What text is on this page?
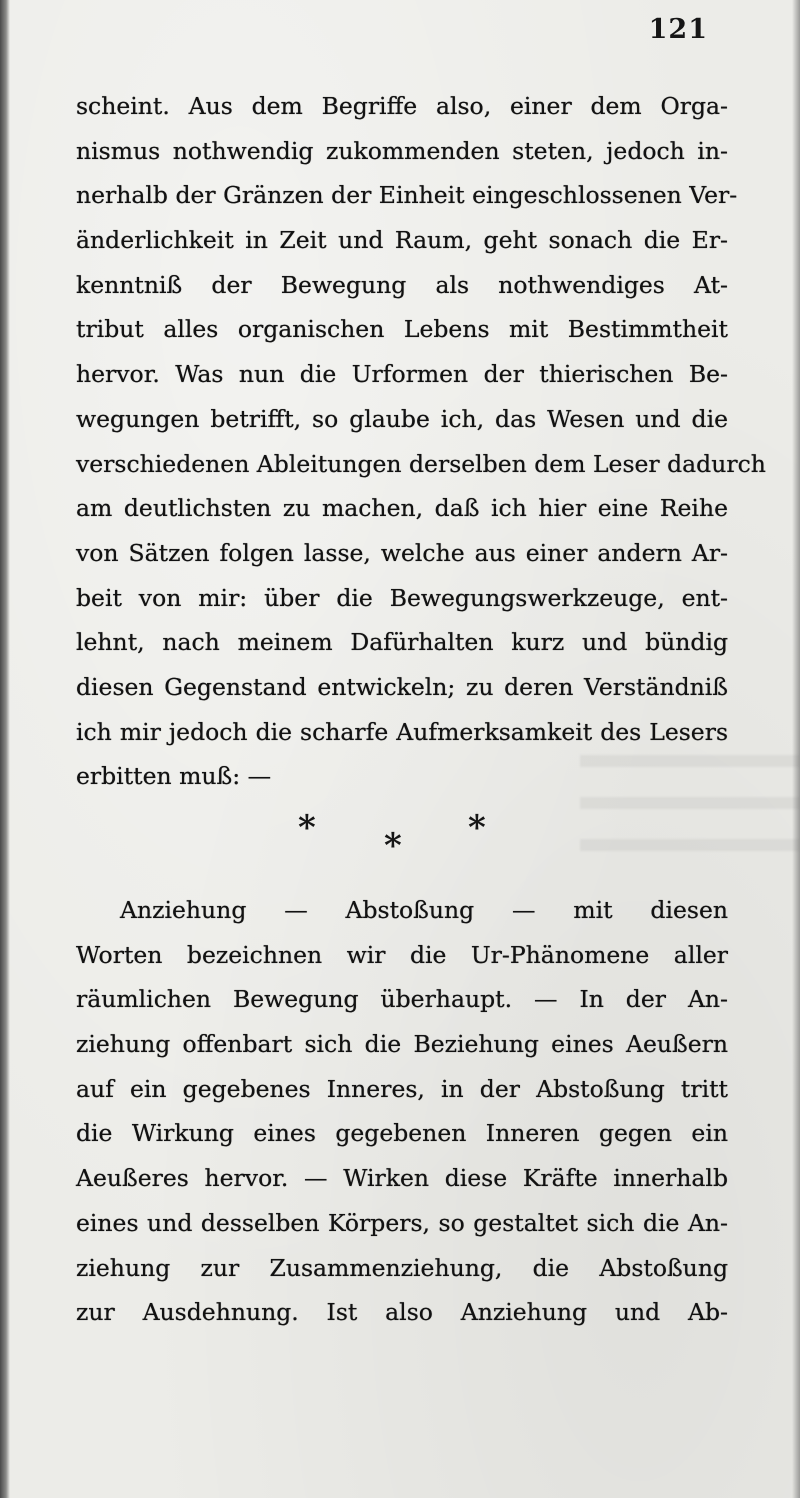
121
scheint. Aus dem Begriffe also, einer dem Orga-
nismus nothwendig zukommenden steten, jedoch in-
nerhalb der Gränzen der Einheit eingeschlossenen Ver-
änderlichkeit in Zeit und Raum, geht sonach die Er-
kenntniß der Bewegung als nothwendiges At-
tribut alles organischen Lebens mit Bestimmtheit
hervor. Was nun die Urformen der thierischen Be-
wegungen betrifft, so glaube ich, das Wesen und die
verschiedenen Ableitungen derselben dem Leser dadurch
am deutlichsten zu machen, daß ich hier eine Reihe
von Sätzen folgen lasse, welche aus einer andern Ar-
beit von mir: über die Bewegungswerkzeuge, ent-
lehnt, nach meinem Dafürhalten kurz und bündig
diesen Gegenstand entwickeln; zu deren Verständniß
ich mir jedoch die scharfe Aufmerksamkeit des Lesers
erbitten muß: —
* * *
Anziehung — Abstoßung — mit diesen
Worten bezeichnen wir die Ur-Phänomene aller
räumlichen Bewegung überhaupt. — In der An-
ziehung offenbart sich die Beziehung eines Aeußern
auf ein gegebenes Inneres, in der Abstoßung tritt
die Wirkung eines gegebenen Inneren gegen ein
Aeußeres hervor. — Wirken diese Kräfte innerhalb
eines und desselben Körpers, so gestaltet sich die An-
ziehung zur Zusammenziehung, die Abstoßung
zur Ausdehnung. Ist also Anziehung und Ab-
